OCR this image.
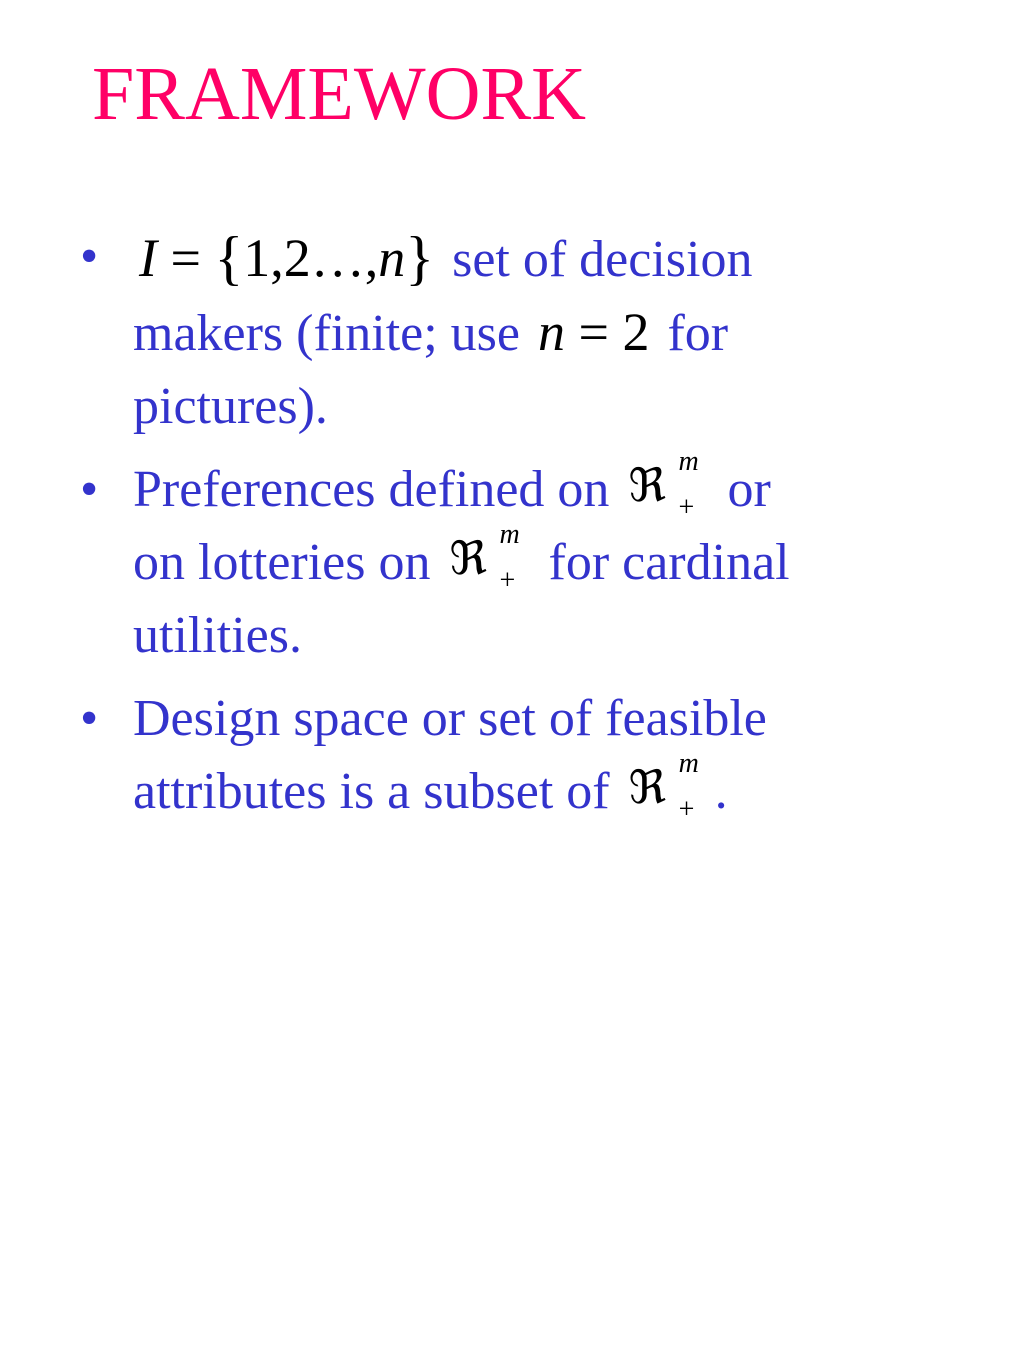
FRAMEWORK
• I = {1,2…,n} set of decision
makers (finite; use n = 2 for
pictures).
• Preferences defined on ℜ m
+ or
on lotteries on ℜ m
+ for cardinal
utilities.
• Design space or set of feasible
attributes is a subset of ℜ m
+ .
